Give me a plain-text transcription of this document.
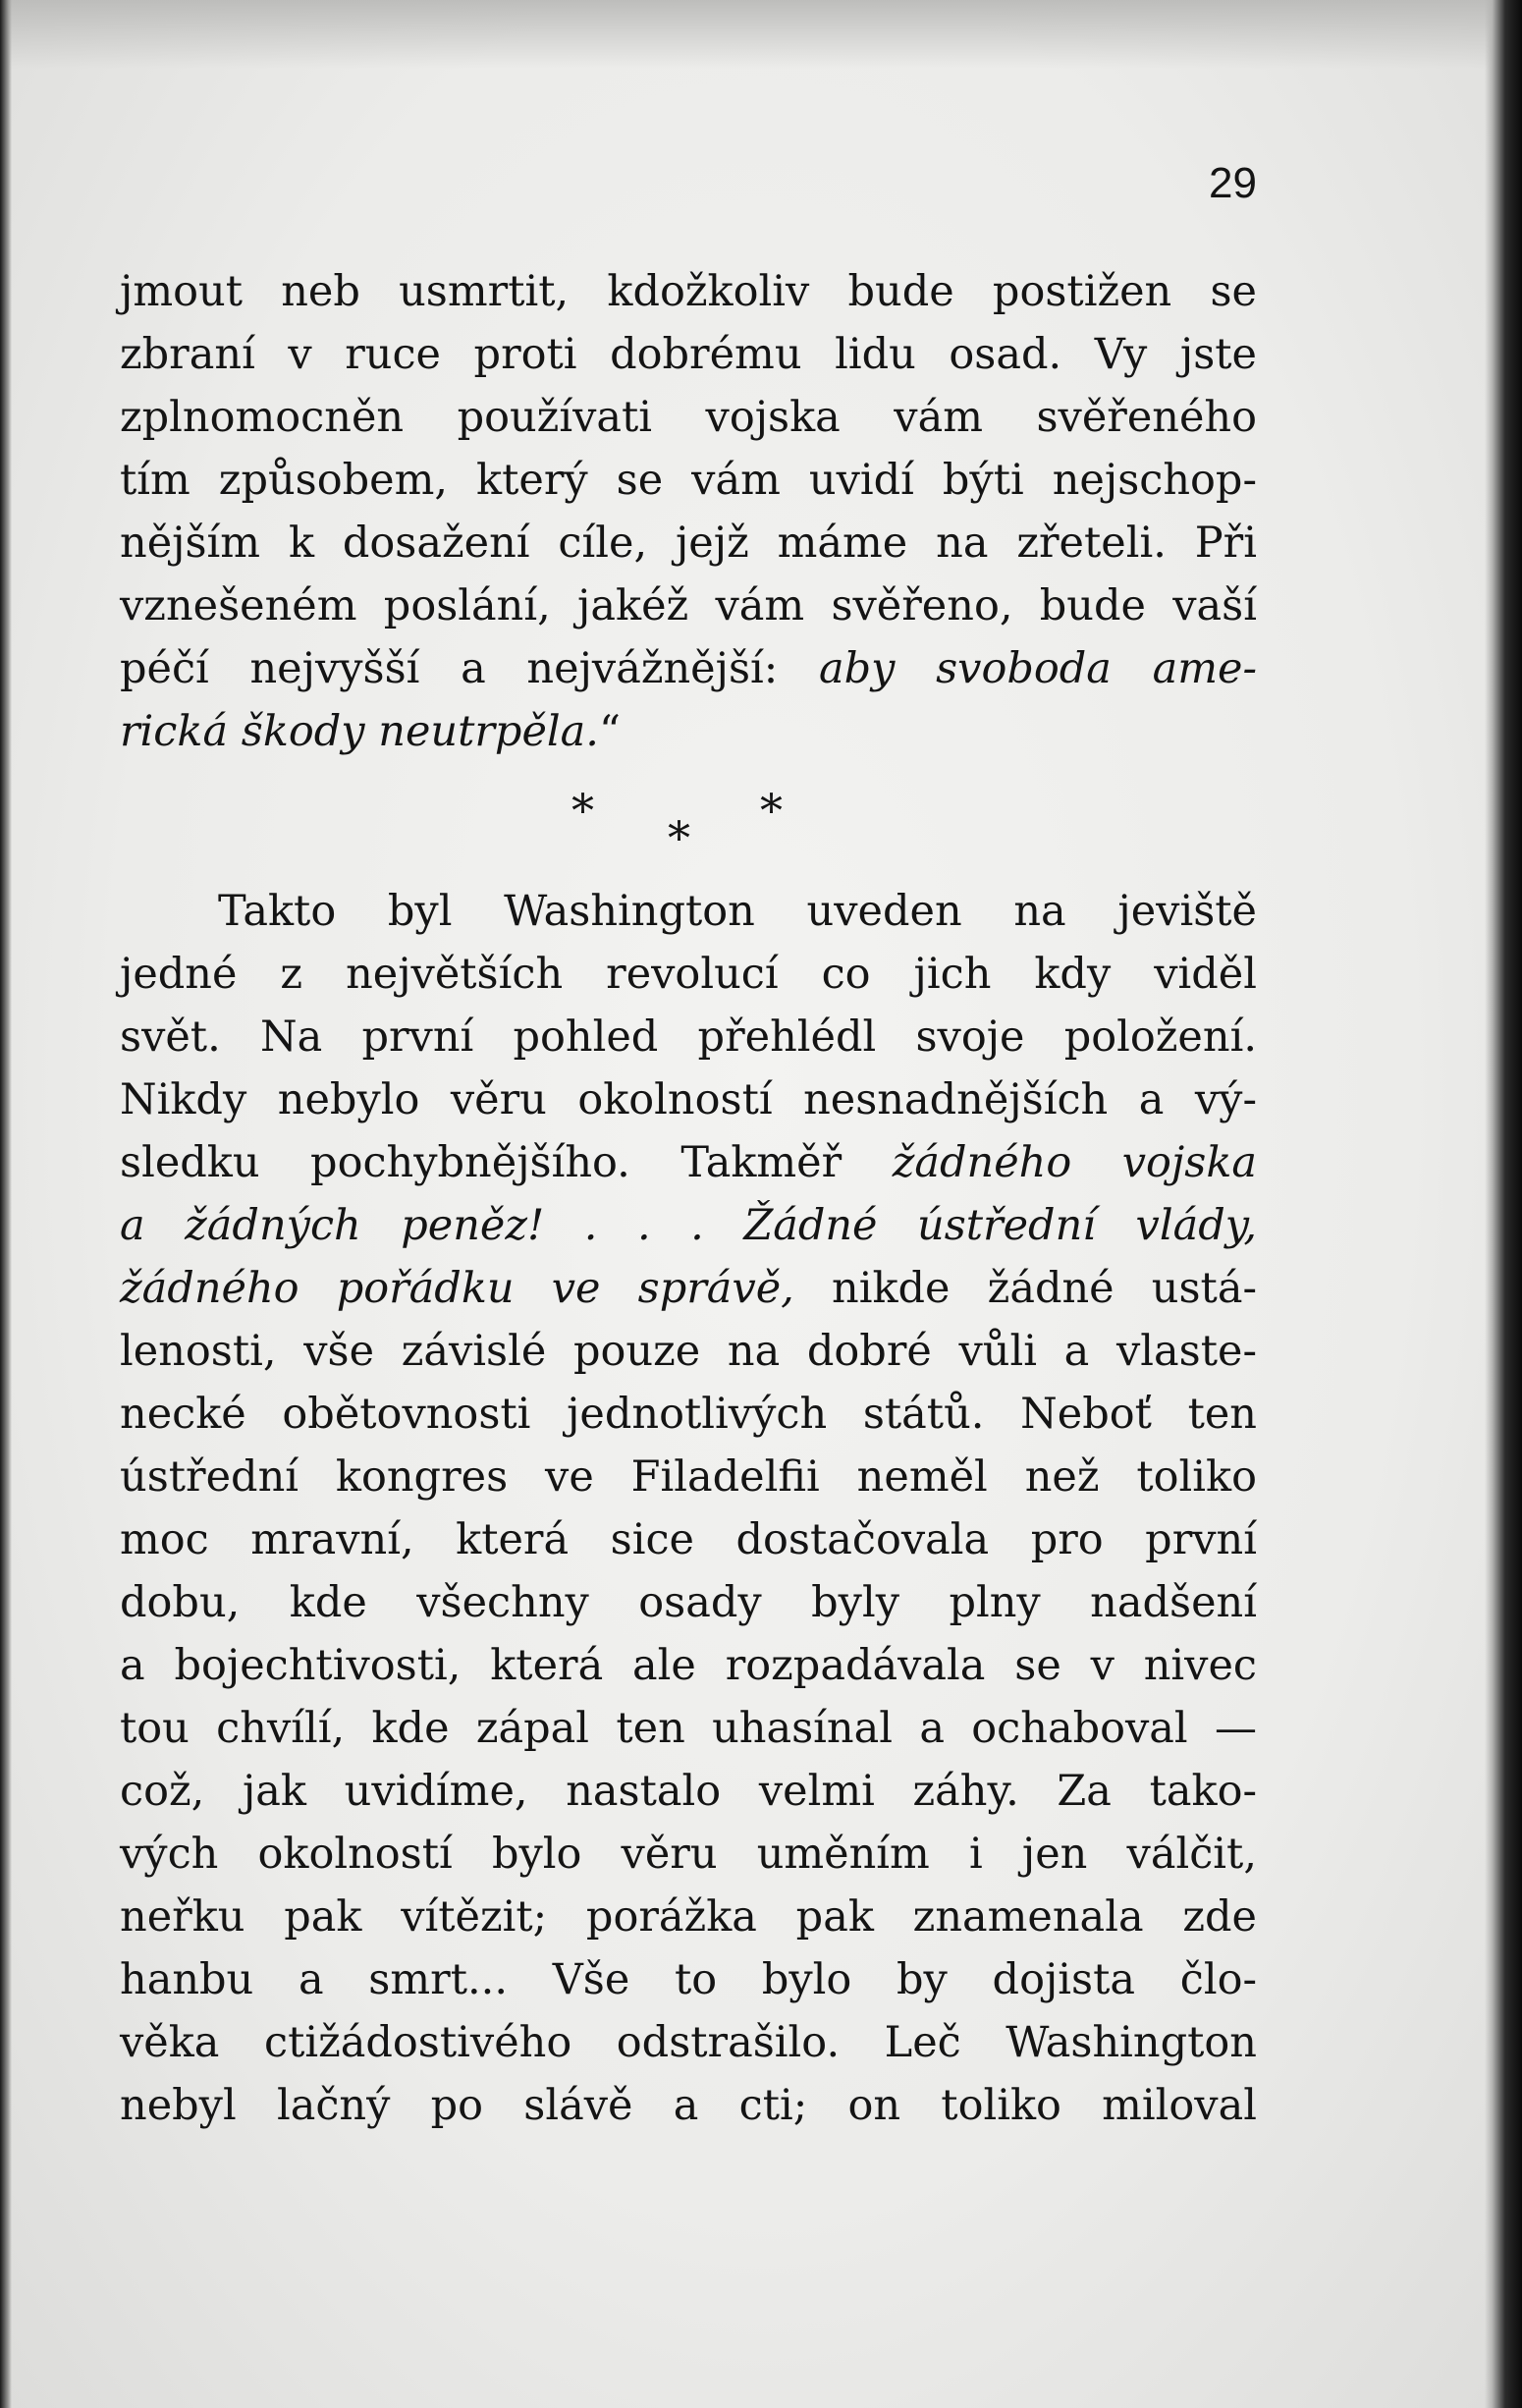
29
jmout neb usmrtit, kdožkoliv bude postižen se
zbraní v ruce proti dobrému lidu osad. Vy jste
zplnomocněn používati vojska vám svěřeného
tím způsobem, který se vám uvidí býti nejschop-
nějším k dosažení cíle, jejž máme na zřeteli. Při
vznešeném poslání, jakéž vám svěřeno, bude vaší
péčí nejvyšší a nejvážnější: aby svoboda ame-
rická škody neutrpěla.“
*
*
*
Takto byl Washington uveden na jeviště
jedné z největších revolucí co jich kdy viděl
svět. Na první pohled přehlédl svoje položení.
Nikdy nebylo věru okolností nesnadnějších a vý-
sledku pochybnějšího. Takměř žádného vojska
a žádných peněz! . . . Žádné ústřední vlády,
žádného pořádku ve správě, nikde žádné ustá-
lenosti, vše závislé pouze na dobré vůli a vlaste-
necké obětovnosti jednotlivých států. Neboť ten
ústřední kongres ve Filadelfii neměl než toliko
moc mravní, která sice dostačovala pro první
dobu, kde všechny osady byly plny nadšení
a bojechtivosti, která ale rozpadávala se v nivec
tou chvílí, kde zápal ten uhasínal a ochaboval —
což, jak uvidíme, nastalo velmi záhy. Za tako-
vých okolností bylo věru uměním i jen válčit,
neřku pak vítězit; porážka pak znamenala zde
hanbu a smrt... Vše to bylo by dojista člo-
věka ctižádostivého odstrašilo. Leč Washington
nebyl lačný po slávě a cti; on toliko miloval
